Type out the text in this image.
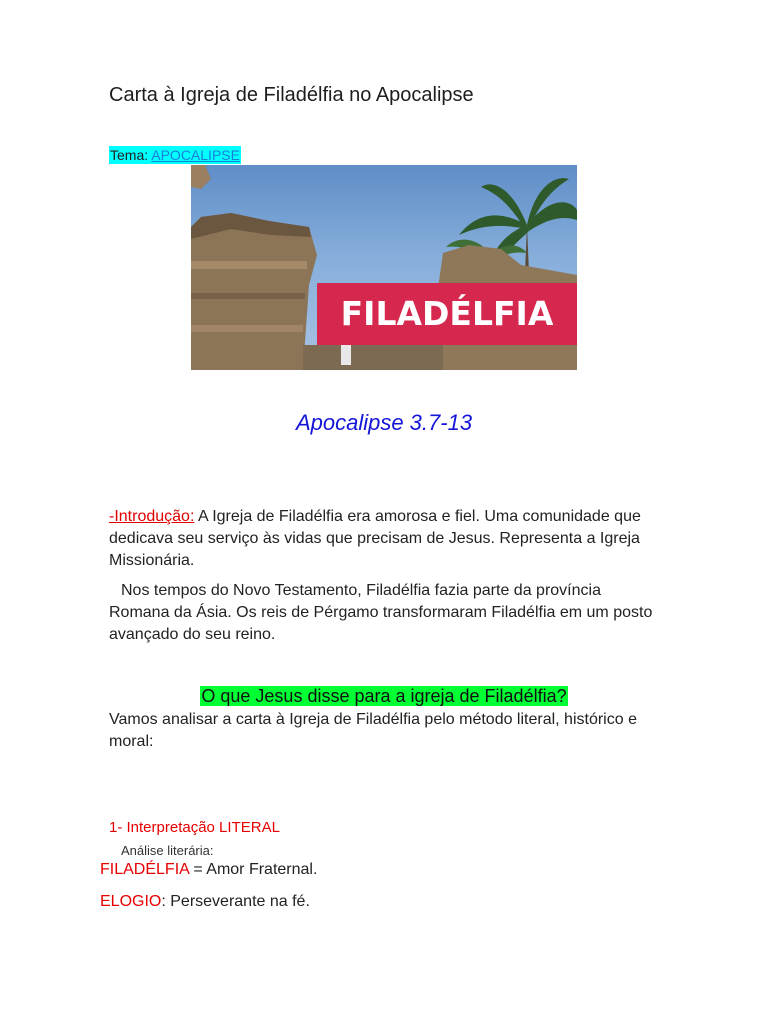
Carta à Igreja de Filadélfia no Apocalipse
Tema: APOCALIPSE
FILADÉLFIA
Apocalipse 3.7-13
-Introdução: A Igreja de Filadélfia era amorosa e fiel. Uma comunidade que dedicava seu serviço às vidas que precisam de Jesus. Representa a Igreja Missionária.
Nos tempos do Novo Testamento, Filadélfia fazia parte da província Romana da Ásia. Os reis de Pérgamo transformaram Filadélfia em um posto avançado do seu reino.
O que Jesus disse para a igreja de Filadélfia?
Vamos analisar a carta à Igreja de Filadélfia pelo método literal, histórico e moral:
1- Interpretação LITERAL
Análise literária:
FILADÉLFIA = Amor Fraternal.
ELOGIO: Perseverante na fé.
